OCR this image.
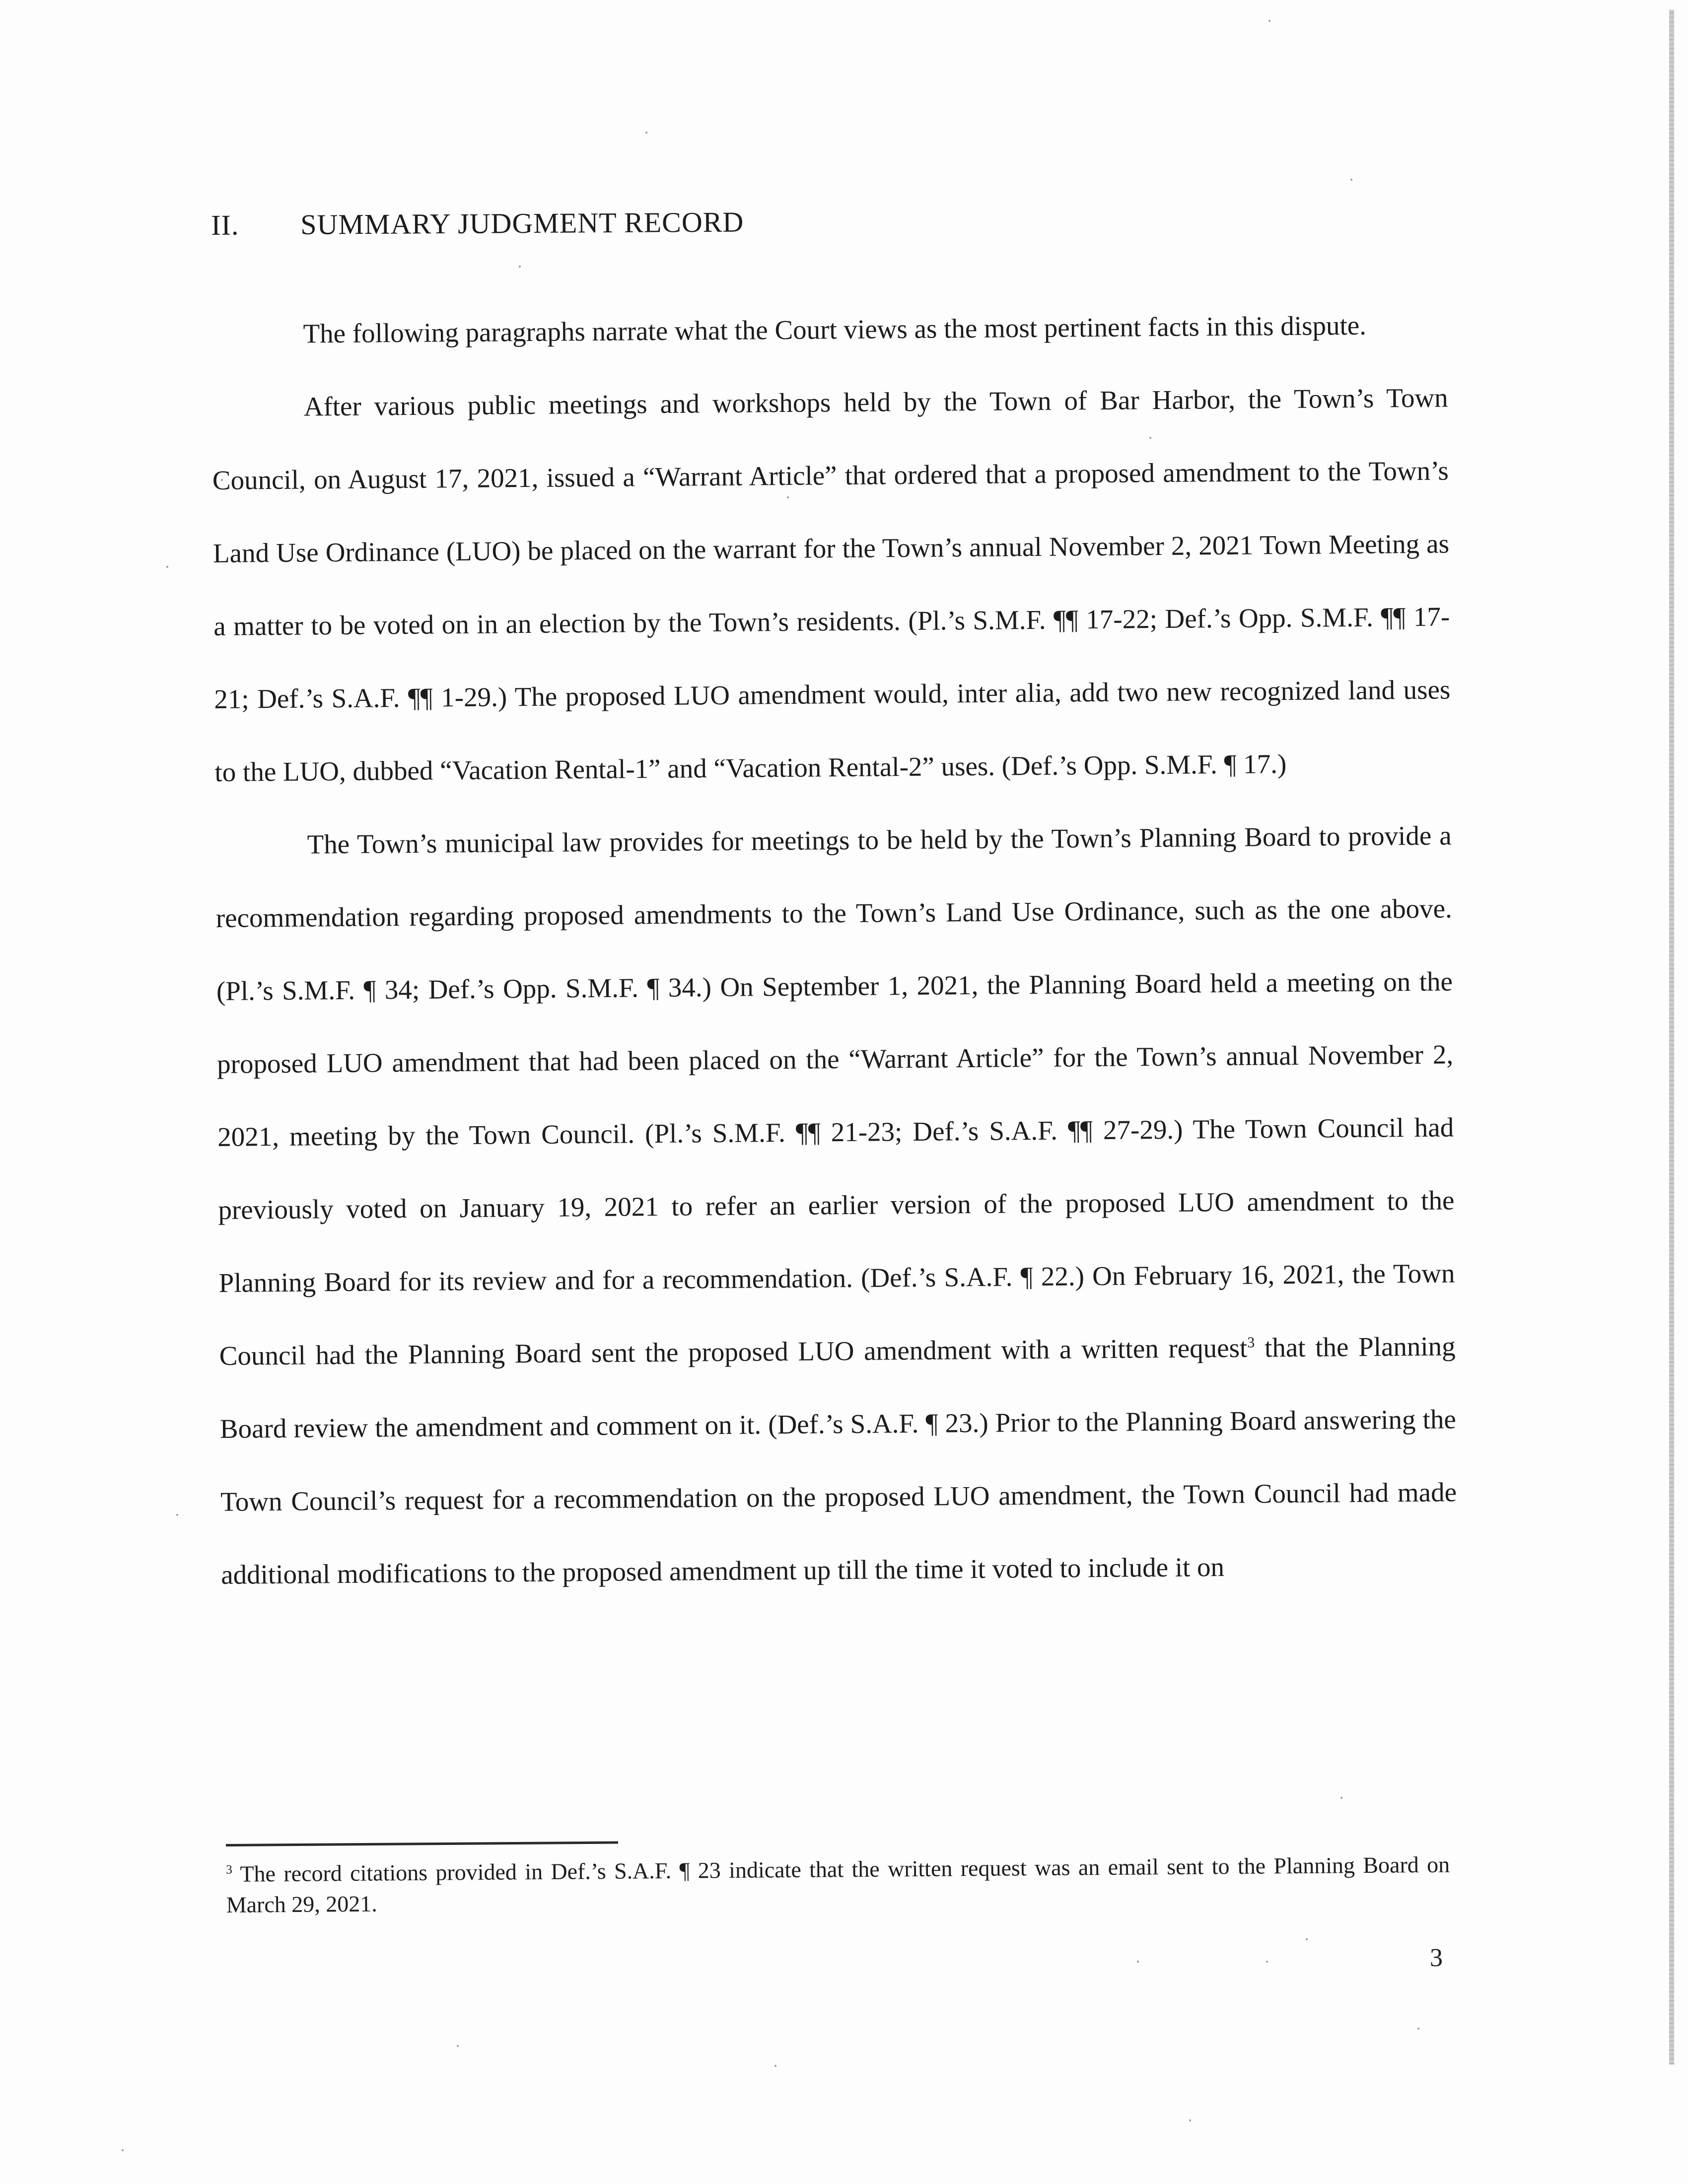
II. SUMMARY JUDGMENT RECORD

The following paragraphs narrate what the Court views as the most pertinent facts in this dispute.

After various public meetings and workshops held by the Town of Bar Harbor, the Town’s Town Council, on August 17, 2021, issued a “Warrant Article” that ordered that a proposed amendment to the Town’s Land Use Ordinance (LUO) be placed on the warrant for the Town’s annual November 2, 2021 Town Meeting as a matter to be voted on in an election by the Town’s residents. (Pl.’s S.M.F. ¶¶ 17-22; Def.’s Opp. S.M.F. ¶¶ 17-21; Def.’s S.A.F. ¶¶ 1-29.) The proposed LUO amendment would, inter alia, add two new recognized land uses to the LUO, dubbed “Vacation Rental-1” and “Vacation Rental-2” uses. (Def.’s Opp. S.M.F. ¶ 17.)

The Town’s municipal law provides for meetings to be held by the Town’s Planning Board to provide a recommendation regarding proposed amendments to the Town’s Land Use Ordinance, such as the one above. (Pl.’s S.M.F. ¶ 34; Def.’s Opp. S.M.F. ¶ 34.) On September 1, 2021, the Planning Board held a meeting on the proposed LUO amendment that had been placed on the “Warrant Article” for the Town’s annual November 2, 2021, meeting by the Town Council. (Pl.’s S.M.F. ¶¶ 21-23; Def.’s S.A.F. ¶¶ 27-29.) The Town Council had previously voted on January 19, 2021 to refer an earlier version of the proposed LUO amendment to the Planning Board for its review and for a recommendation. (Def.’s S.A.F. ¶ 22.) On February 16, 2021, the Town Council had the Planning Board sent the proposed LUO amendment with a written request$^3$ that the Planning Board review the amendment and comment on it. (Def.’s S.A.F. ¶ 23.) Prior to the Planning Board answering the Town Council’s request for a recommendation on the proposed LUO amendment, the Town Council had made additional modifications to the proposed amendment up till the time it voted to include it on

$^3$ The record citations provided in Def.’s S.A.F. ¶ 23 indicate that the written request was an email sent to the Planning Board on March 29, 2021.
3
